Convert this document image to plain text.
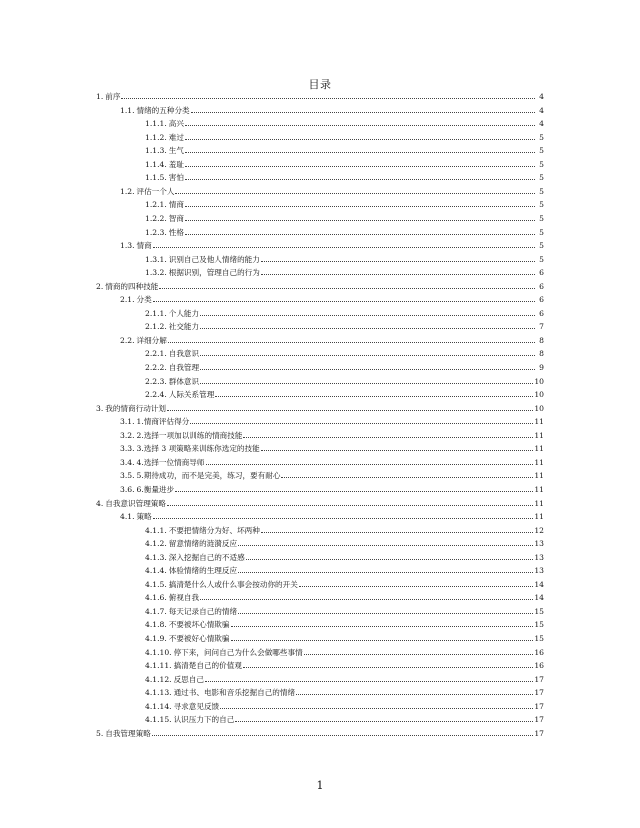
目录
1. 前序	4
1.1. 情绪的五种分类	4
1.1.1. 高兴	4
1.1.2. 难过	5
1.1.3. 生气	5
1.1.4. 羞耻	5
1.1.5. 害怕	5
1.2. 评估一个人	5
1.2.1. 情商	5
1.2.2. 智商	5
1.2.3. 性格	5
1.3. 情商	5
1.3.1. 识别自己及他人情绪的能力	5
1.3.2. 根据识别，管理自己的行为	6
2. 情商的四种技能	6
2.1. 分类	6
2.1.1. 个人能力	6
2.1.2. 社交能力	7
2.2. 详细分解	8
2.2.1. 自我意识	8
2.2.2. 自我管理	9
2.2.3. 群体意识	10
2.2.4. 人际关系管理	10
3. 我的情商行动计划	10
3.1. 1.情商评估得分	11
3.2. 2.选择一项加以训练的情商技能	11
3.3. 3.选择 3 项策略来训练你选定的技能	11
3.4. 4.选择一位情商导师	11
3.5. 5.期待成功，而不是完美，练习，要有耐心	11
3.6. 6.衡量进步	11
4. 自我意识管理策略	11
4.1. 策略	11
4.1.1. 不要把情绪分为好、坏两种	12
4.1.2. 留意情绪的涟漪反应	13
4.1.3. 深入挖掘自己的不适感	13
4.1.4. 体验情绪的生理反应	13
4.1.5. 搞清楚什么人或什么事会按动你的开关	14
4.1.6. 俯视自我	14
4.1.7. 每天记录自己的情绪	15
4.1.8. 不要被坏心情欺骗	15
4.1.9. 不要被好心情欺骗	15
4.1.10. 停下来，问问自己为什么会做哪些事情	16
4.1.11. 搞清楚自己的价值观	16
4.1.12. 反思自己	17
4.1.13. 通过书、电影和音乐挖掘自己的情绪	17
4.1.14. 寻求意见反馈	17
4.1.15. 认识压力下的自己	17
5. 自我管理策略	17
1
